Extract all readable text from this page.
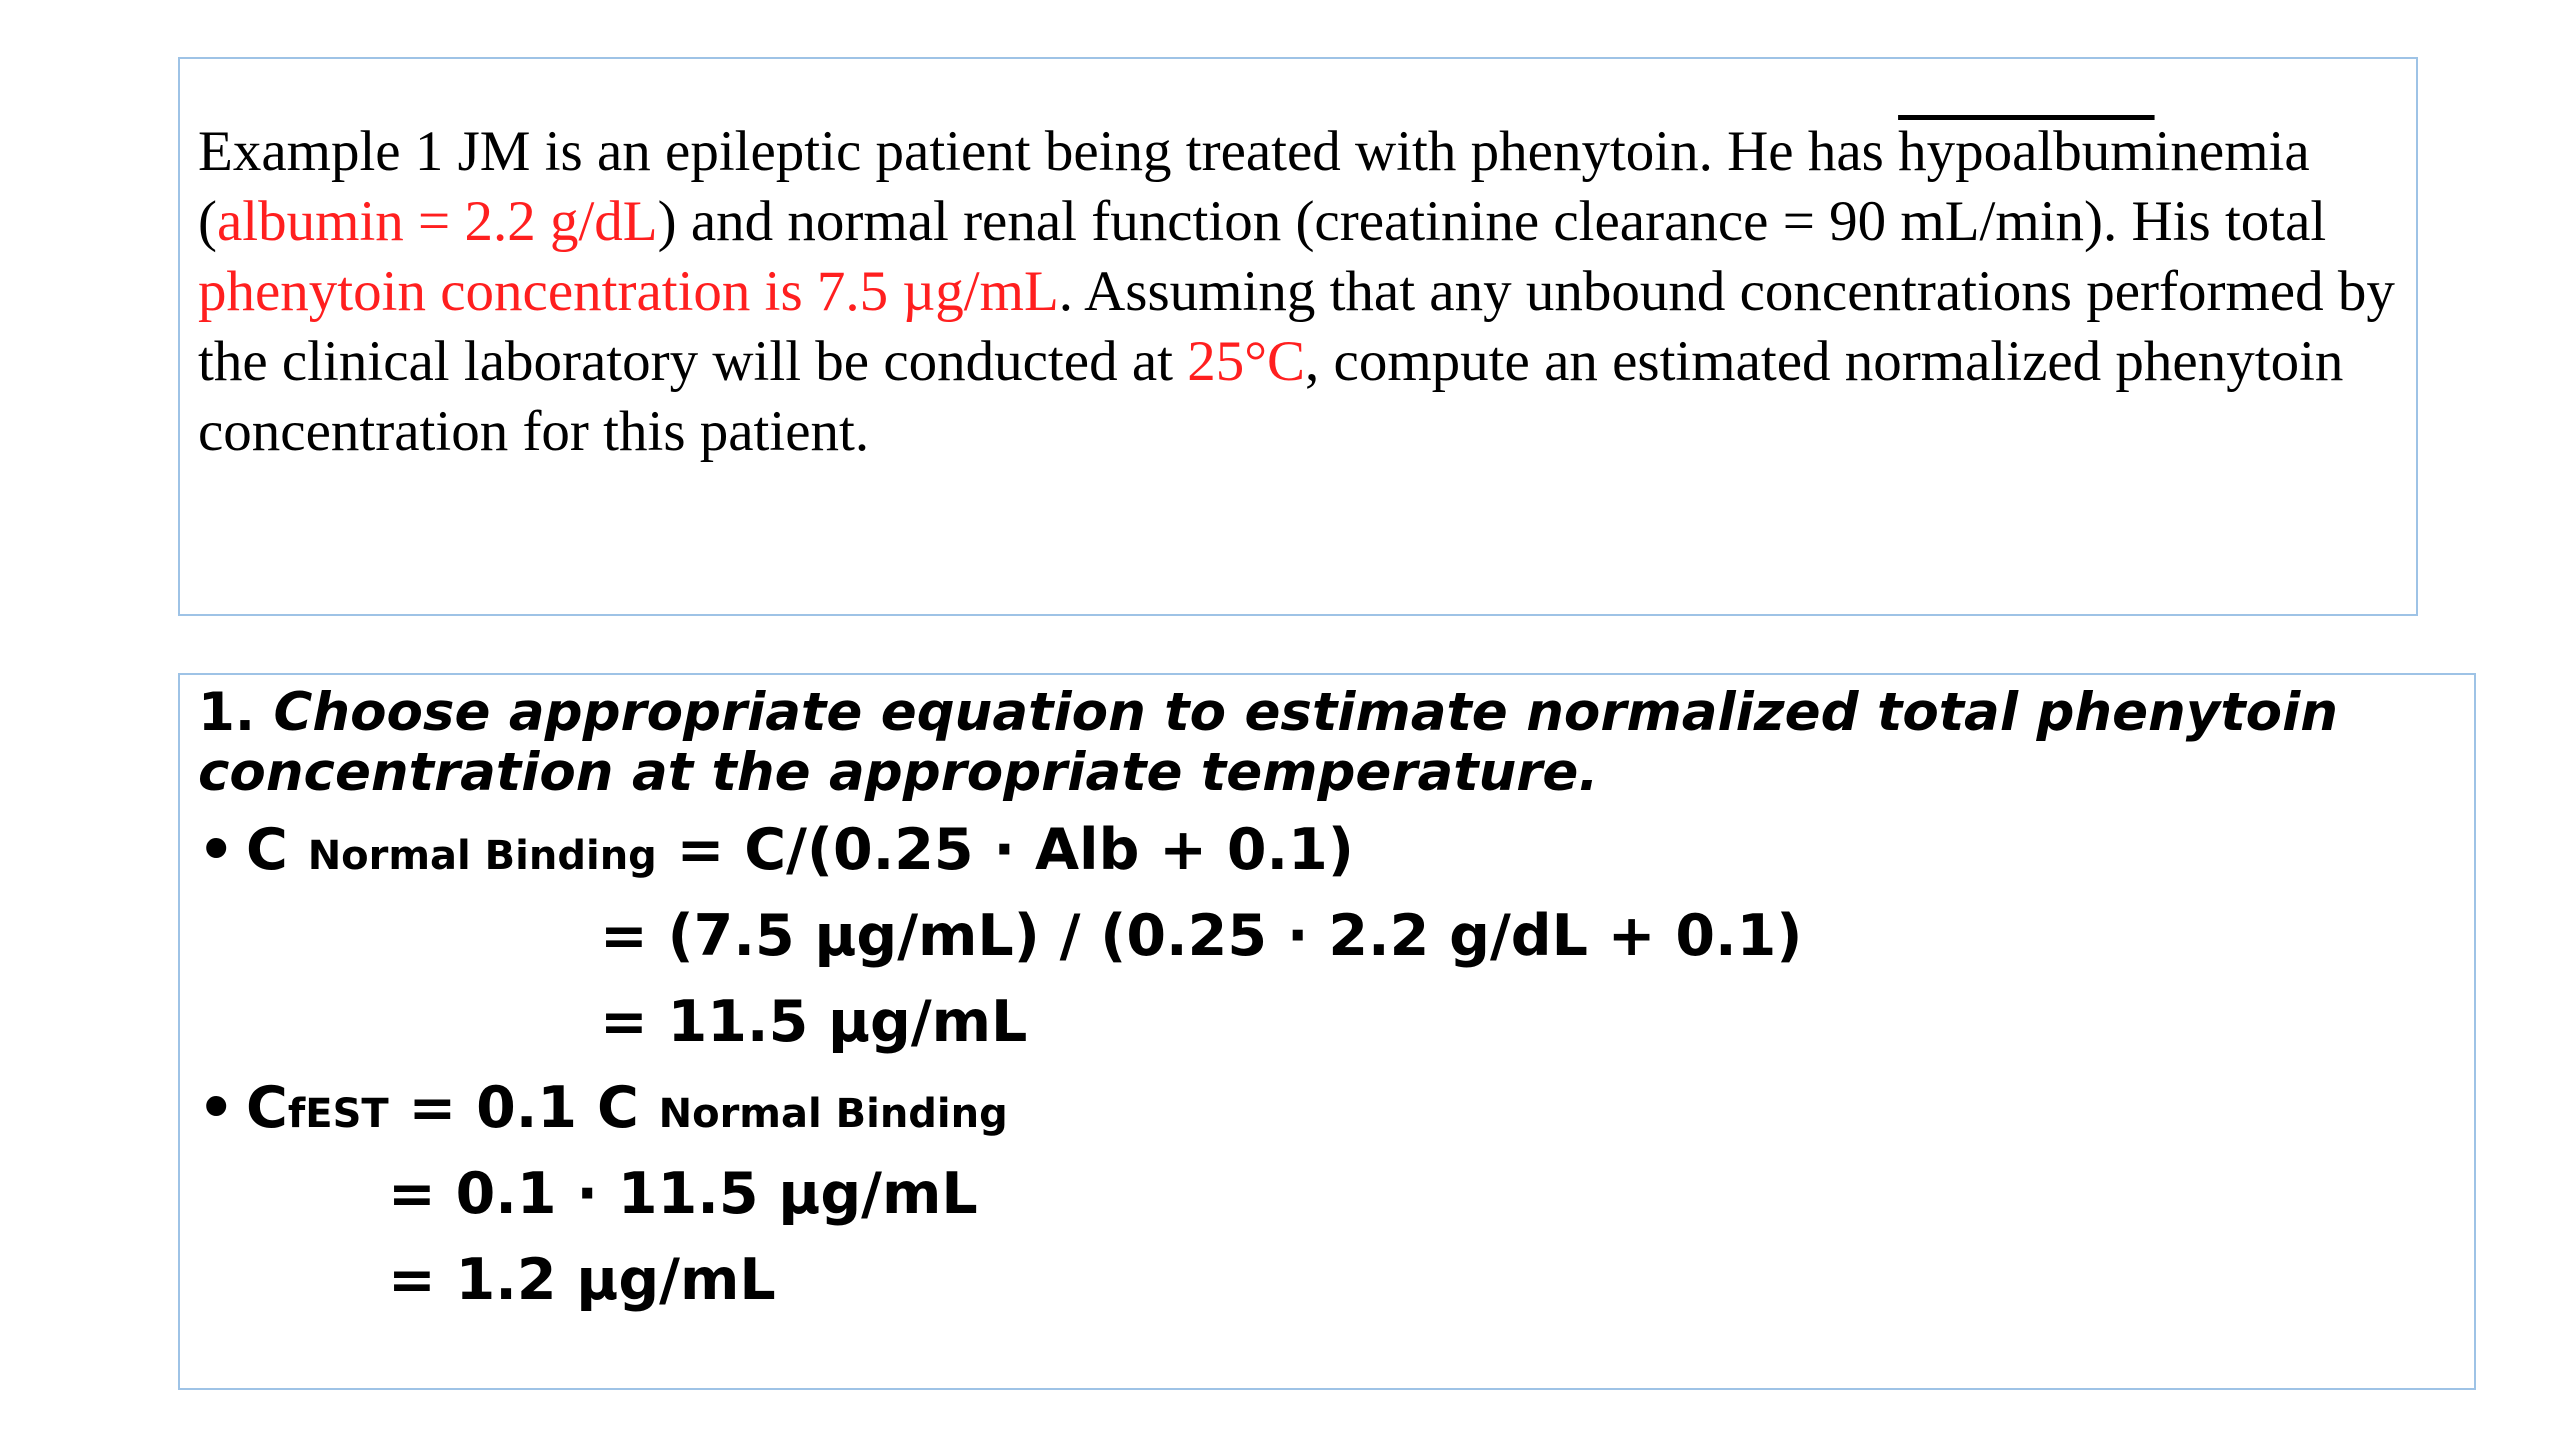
Example 1 JM is an epileptic patient being treated with phenytoin. He has hypoalbuminemia (albumin = 2.2 g/dL) and normal renal function (creatinine clearance = 90 mL/min). His total phenytoin concentration is 7.5 µg/mL. Assuming that any unbound concentrations performed by the clinical laboratory will be conducted at 25°C, compute an estimated normalized phenytoin concentration for this patient.
1. Choose appropriate equation to estimate normalized total phenytoin concentration at the appropriate temperature.
• C Normal Binding = C/(0.25 · Alb + 0.1)
= (7.5 µg/mL) / (0.25 · 2.2 g/dL + 0.1)
= 11.5 µg/mL
• CfEST = 0.1 C Normal Binding
= 0.1 · 11.5 µg/mL
= 1.2 µg/mL
